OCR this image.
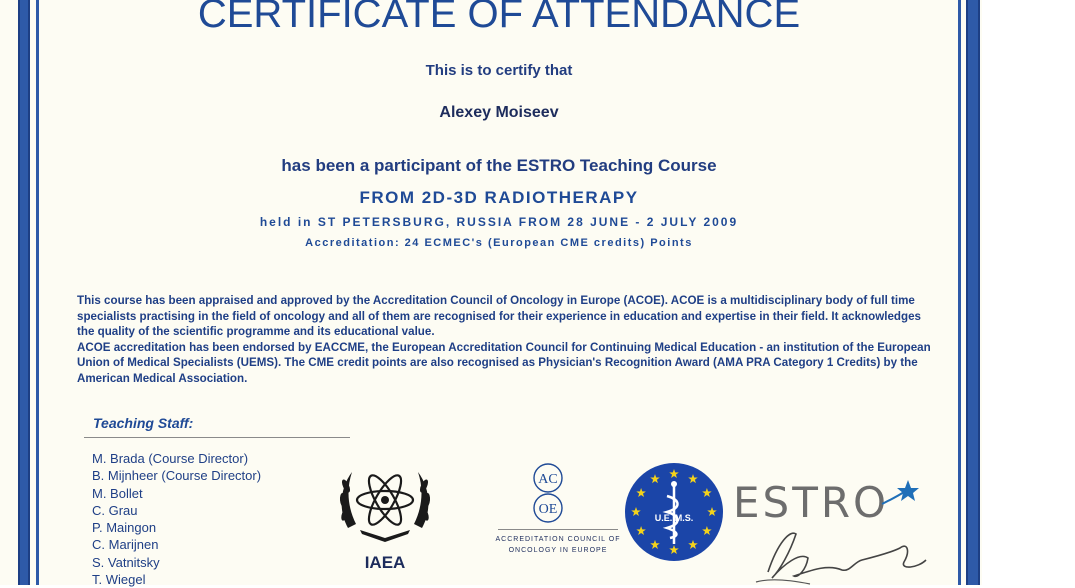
CERTIFICATE OF ATTENDANCE
This is to certify that
Alexey Moiseev
has been a participant of the ESTRO Teaching Course
FROM 2D-3D RADIOTHERAPY
held in ST PETERSBURG, RUSSIA FROM 28 JUNE - 2 JULY 2009
Accreditation: 24 ECMEC's (European CME credits) Points

This course has been appraised and approved by the Accreditation Council of Oncology in Europe (ACOE). ACOE is a multidisciplinary body of full time specialists practising in the field of oncology and all of them are recognised for their experience in education and expertise in their field. It acknowledges the quality of the scientific programme and its educational value.

ACOE accreditation has been endorsed by EACCME, the European Accreditation Council for Continuing Medical Education - an institution of the European Union of Medical Specialists (UEMS). The CME credit points are also recognised as Physician's Recognition Award (AMA PRA Category 1 Credits) by the American Medical Association.

Teaching Staff:
M. Brada (Course Director)
B. Mijnheer (Course Director)
M. Bollet
C. Grau
P. Maingon
C. Marijnen
S. Vatnitsky
T. Wiegel
IAEA
AC
OE
ACCREDITATION COUNCIL OF
ONCOLOGY IN EUROPE
U.E. M.S. ESTRO
